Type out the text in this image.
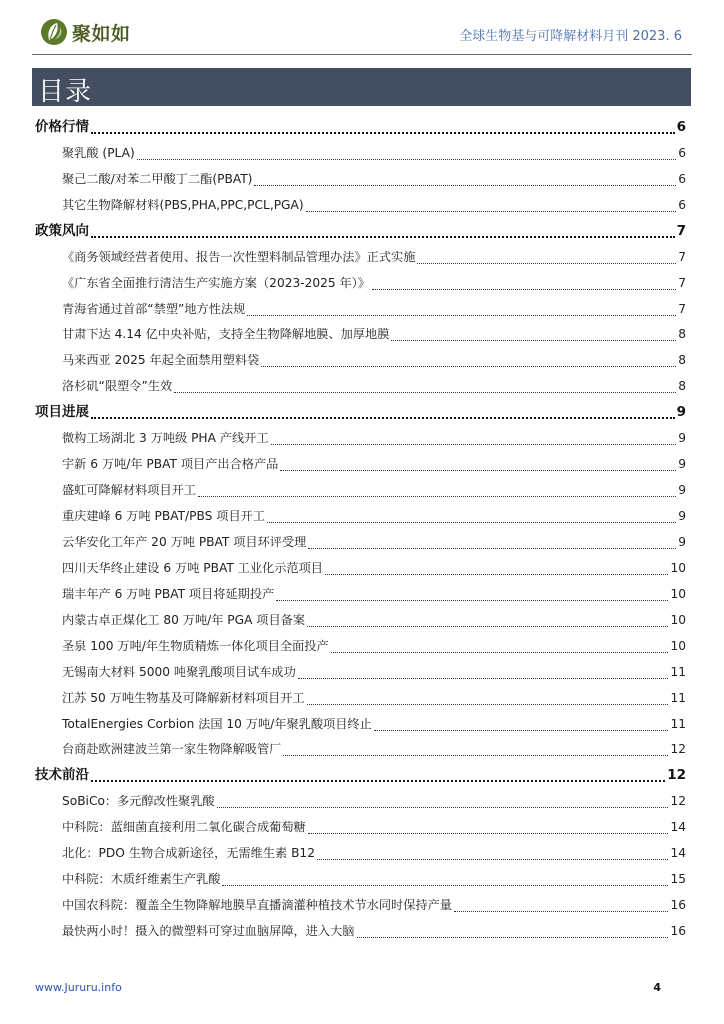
聚如如	全球生物基与可降解材料月刊 2023. 6
目录
价格行情	6
聚乳酸 (PLA)	6
聚己二酸/对苯二甲酸丁二酯(PBAT)	6
其它生物降解材料(PBS,PHA,PPC,PCL,PGA)	6
政策风向	7
《商务领域经营者使用、报告一次性塑料制品管理办法》正式实施	7
《广东省全面推行清洁生产实施方案（2023-2025 年）》	7
青海省通过首部“禁塑”地方性法规	7
甘肃下达 4.14 亿中央补贴，支持全生物降解地膜、加厚地膜	8
马来西亚 2025 年起全面禁用塑料袋	8
洛杉矶“限塑令”生效	8
项目进展	9
微构工场湖北 3 万吨级 PHA 产线开工	9
宇新 6 万吨/年 PBAT 项目产出合格产品	9
盛虹可降解材料项目开工	9
重庆建峰 6 万吨 PBAT/PBS 项目开工	9
云华安化工年产 20 万吨 PBAT 项目环评受理	9
四川天华终止建设 6 万吨 PBAT 工业化示范项目	10
瑞丰年产 6 万吨 PBAT 项目将延期投产	10
内蒙古卓正煤化工 80 万吨/年 PGA 项目备案	10
圣泉 100 万吨/年生物质精炼一体化项目全面投产	10
无锡南大材料 5000 吨聚乳酸项目试车成功	11
江苏 50 万吨生物基及可降解新材料项目开工	11
TotalEnergies Corbion 法国 10 万吨/年聚乳酸项目终止	11
台商赴欧洲建波兰第一家生物降解吸管厂	12
技术前沿	12
SoBiCo：多元醇改性聚乳酸	12
中科院：蓝细菌直接利用二氧化碳合成葡萄糖	14
北化：PDO 生物合成新途径，无需维生素 B12	14
中科院：木质纤维素生产乳酸	15
中国农科院：覆盖全生物降解地膜旱直播滴灌种植技术节水同时保持产量	16
最快两小时！摄入的微塑料可穿过血脑屏障，进入大脑	16
www.Jururu.info	4
